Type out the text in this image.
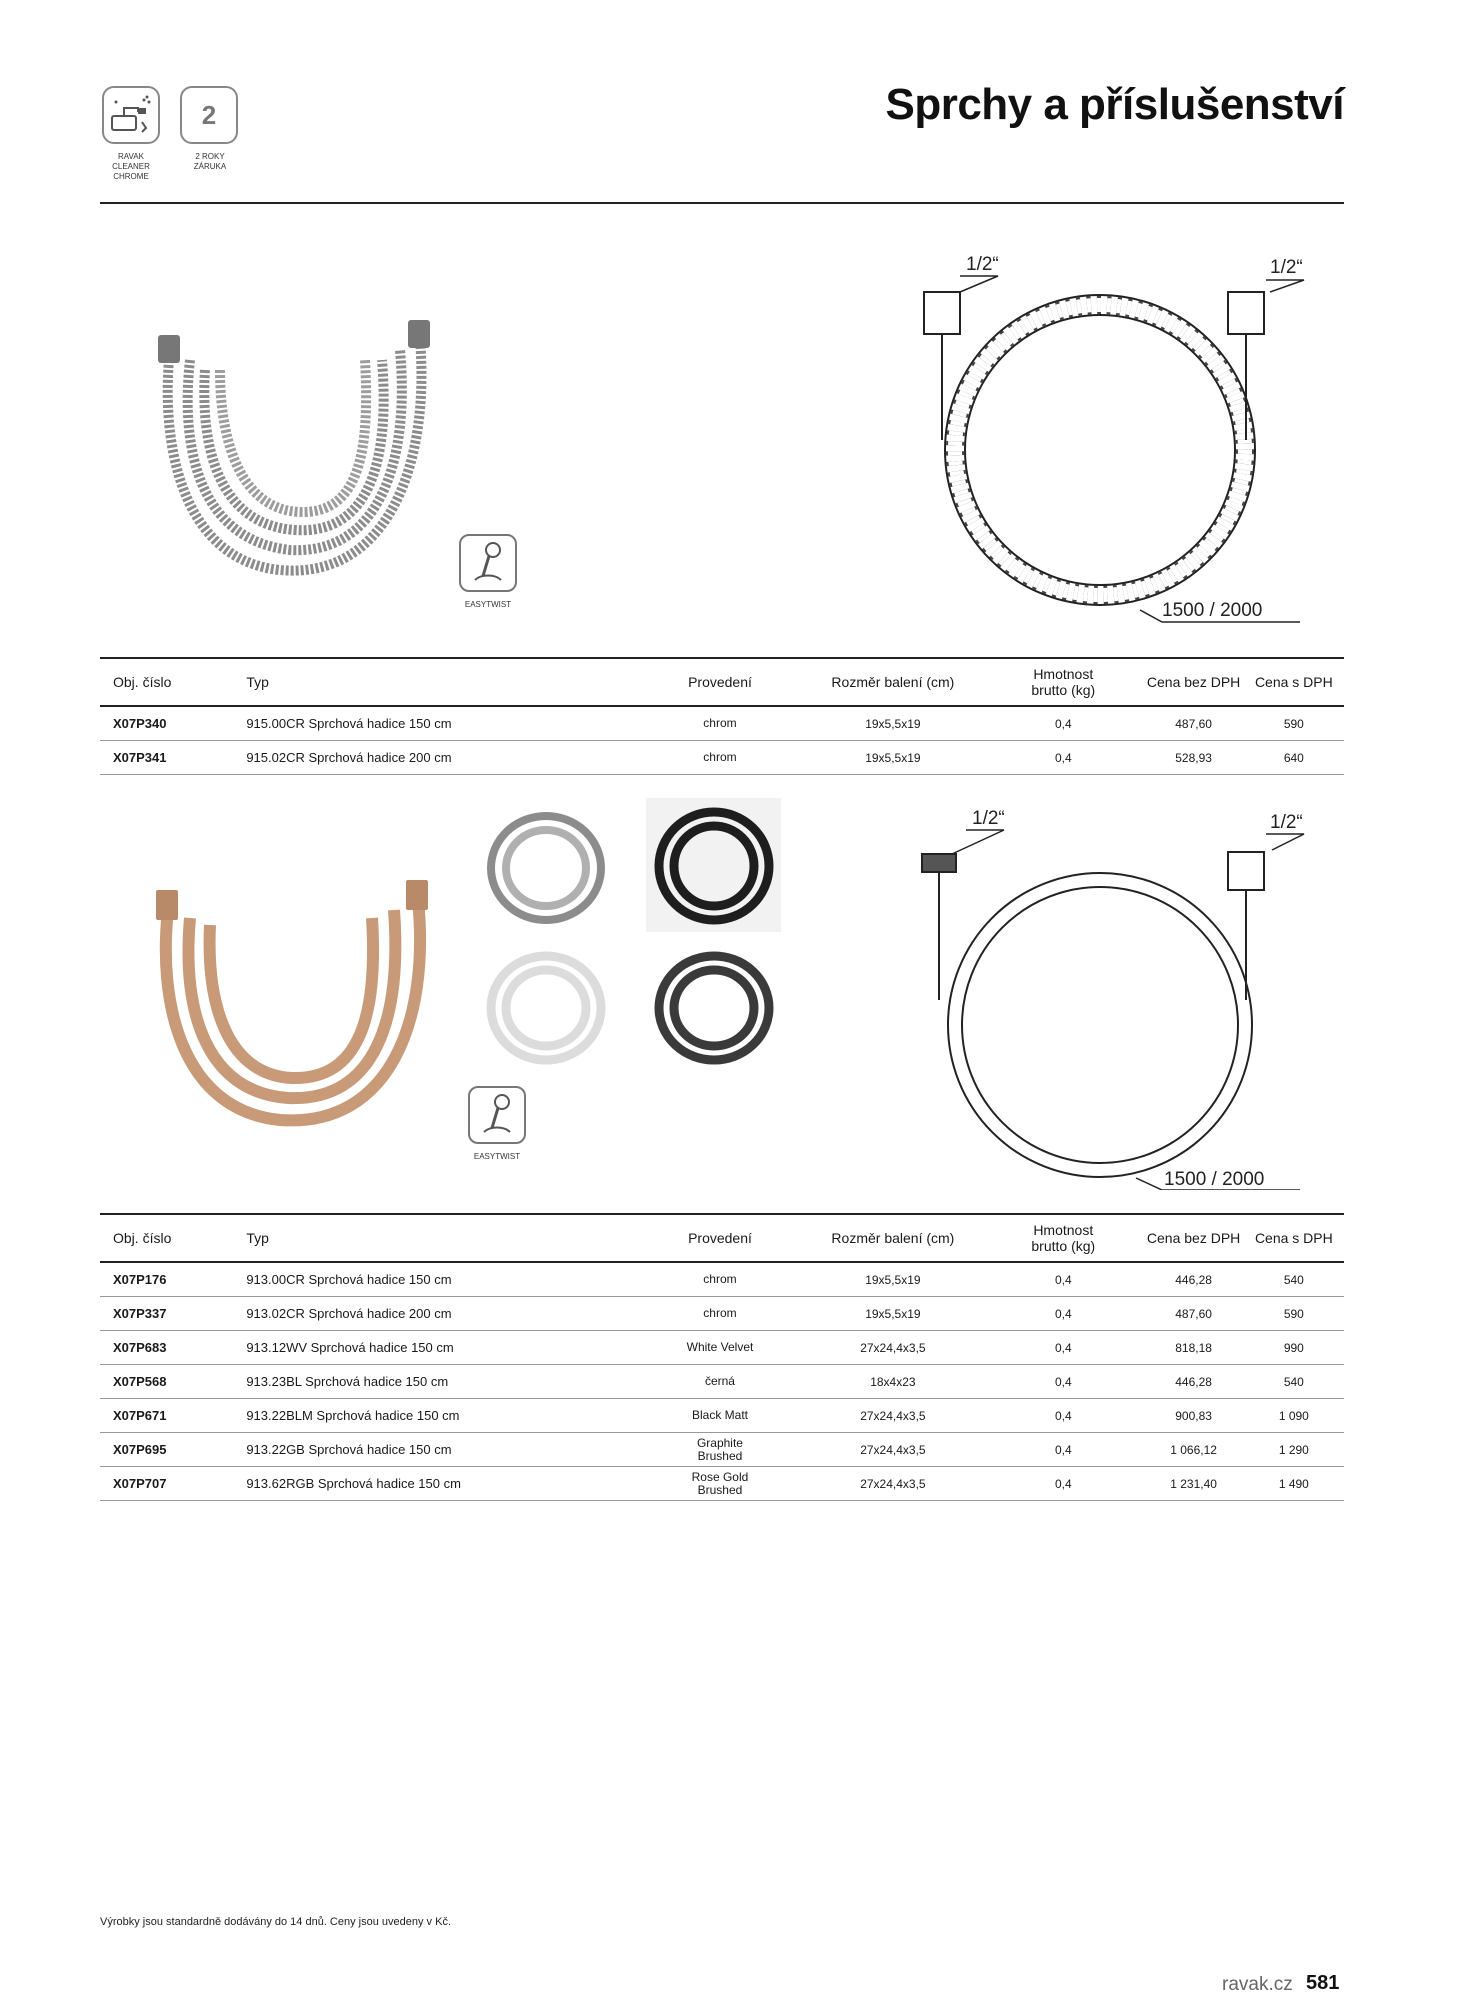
RAVAK
CLEANER
CHROME
2
2 ROKY
ZÁRUKA
Sprchy a příslušenství
EASYTWIST
1/2“	1/2“
1500 / 2000
Obj. číslo	Typ	Provedení	Rozměr balení (cm)	Hmotnost
brutto (kg)	Cena bez DPH	Cena s DPH
X07P340	915.00CR Sprchová hadice 150 cm	chrom	19x5,5x19	0,4	487,60	590
X07P341	915.02CR Sprchová hadice 200 cm	chrom	19x5,5x19	0,4	528,93	640
EASYTWIST
1/2“	1/2“
1500 / 2000
Obj. číslo	Typ	Provedení	Rozměr balení (cm)	Hmotnost
brutto (kg)	Cena bez DPH	Cena s DPH
X07P176	913.00CR Sprchová hadice 150 cm	chrom	19x5,5x19	0,4	446,28	540
X07P337	913.02CR Sprchová hadice 200 cm	chrom	19x5,5x19	0,4	487,60	590
X07P683	913.12WV Sprchová hadice 150 cm	White Velvet	27x24,4x3,5	0,4	818,18	990
X07P568	913.23BL Sprchová hadice 150 cm	černá	18x4x23	0,4	446,28	540
X07P671	913.22BLM Sprchová hadice 150 cm	Black Matt	27x24,4x3,5	0,4	900,83	1 090
X07P695	913.22GB Sprchová hadice 150 cm	Graphite
Brushed	27x24,4x3,5	0,4	1 066,12	1 290
X07P707	913.62RGB Sprchová hadice 150 cm	Rose Gold
Brushed	27x24,4x3,5	0,4	1 231,40	1 490
Výrobky jsou standardně dodávány do 14 dnů. Ceny jsou uvedeny v Kč.
ravak.cz 581
